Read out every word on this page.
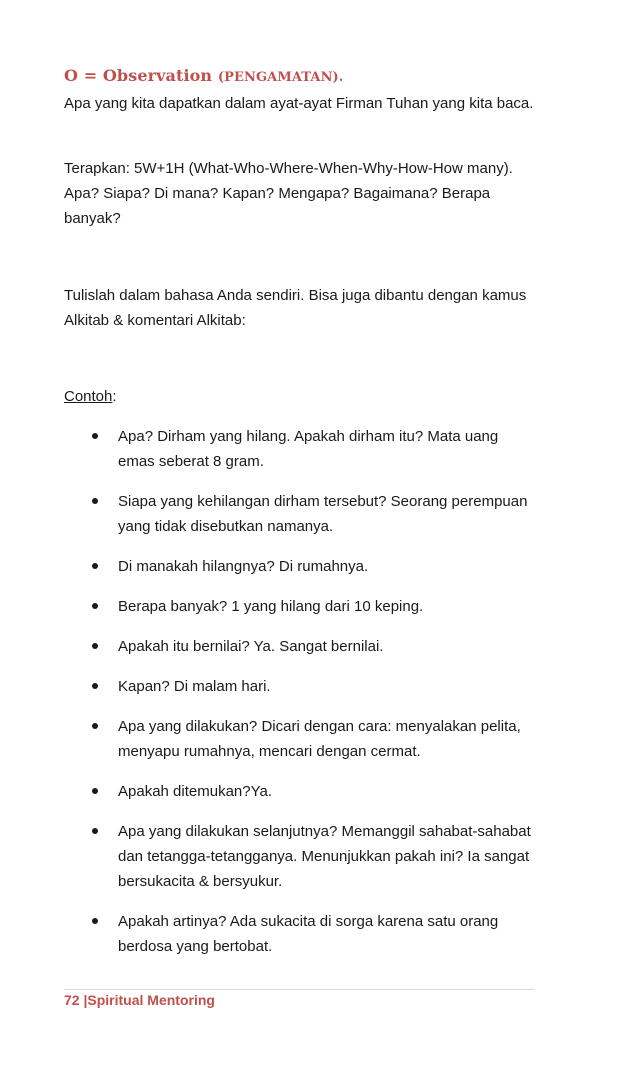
O = Observation (PENGAMATAN).

Apa yang kita dapatkan dalam ayat-ayat Firman Tuhan yang kita baca.

Terapkan: 5W+1H (What-Who-Where-When-Why-How-How many). Apa? Siapa? Di mana? Kapan? Mengapa? Bagaimana? Berapa banyak?

Tulislah dalam bahasa Anda sendiri. Bisa juga dibantu dengan kamus Alkitab & komentari Alkitab:

Contoh:
Apa? Dirham yang hilang. Apakah dirham itu? Mata uang emas seberat 8 gram.
Siapa yang kehilangan dirham tersebut? Seorang perempuan yang tidak disebutkan namanya.
Di manakah hilangnya? Di rumahnya.
Berapa banyak? 1 yang hilang dari 10 keping.
Apakah itu bernilai? Ya. Sangat bernilai.
Kapan? Di malam hari.
Apa yang dilakukan? Dicari dengan cara: menyalakan pelita, menyapu rumahnya, mencari dengan cermat.
Apakah ditemukan?Ya.
Apa yang dilakukan selanjutnya? Memanggil sahabat-sahabat dan tetangga-tetangganya. Menunjukkan pakah ini? Ia sangat bersukacita & bersyukur.
Apakah artinya? Ada sukacita di sorga karena satu orang berdosa yang bertobat.
72 |Spiritual Mentoring
